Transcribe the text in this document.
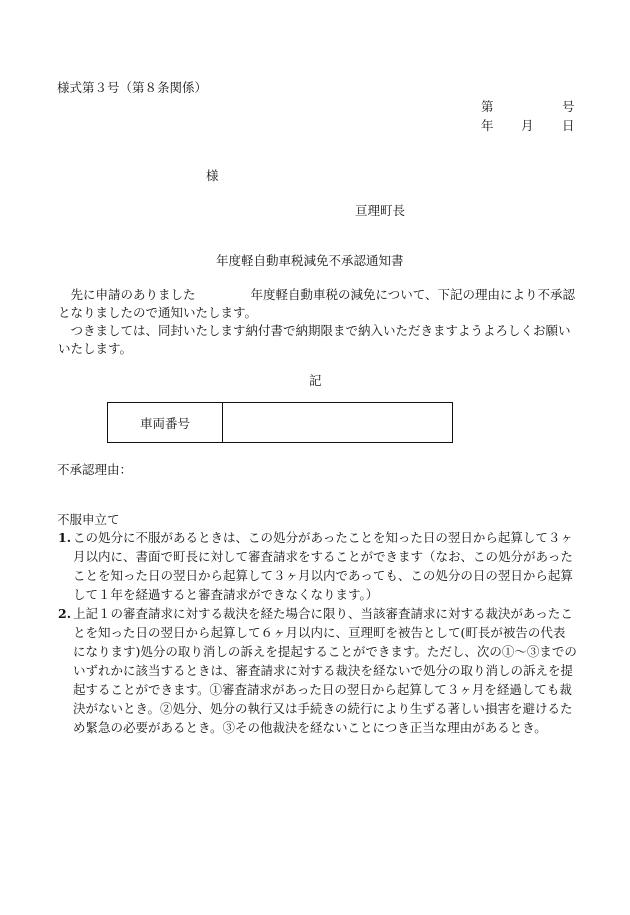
様式第３号（第８条関係）
第	号
年 月 日
様
亘理町長
年度軽自動車税減免不承認通知書
先に申請のありました	年度軽自動車税の減免について、下記の理由により不承認となりましたので通知いたします。
つきましては、同封いたします納付書で納期限まで納入いただきますようよろしくお願いいたします。
記
車両番号	
不承認理由：
不服申立て
1. この処分に不服があるときは、この処分があったことを知った日の翌日から起算して３ヶ月以内に、書面で町長に対して審査請求をすることができます（なお、この処分があったことを知った日の翌日から起算して３ヶ月以内であっても、この処分の日の翌日から起算して１年を経過すると審査請求ができなくなります。）
2. 上記１の審査請求に対する裁決を経た場合に限り、当該審査請求に対する裁決があったことを知った日の翌日から起算して６ヶ月以内に、亘理町を被告として(町長が被告の代表になります)処分の取り消しの訴えを提起することができます。ただし、次の①～③までのいずれかに該当するときは、審査請求に対する裁決を経ないで処分の取り消しの訴えを提起することができます。①審査請求があった日の翌日から起算して３ヶ月を経過しても裁決がないとき。②処分、処分の執行又は手続きの続行により生ずる著しい損害を避けるため緊急の必要があるとき。③その他裁決を経ないことにつき正当な理由があるとき。
